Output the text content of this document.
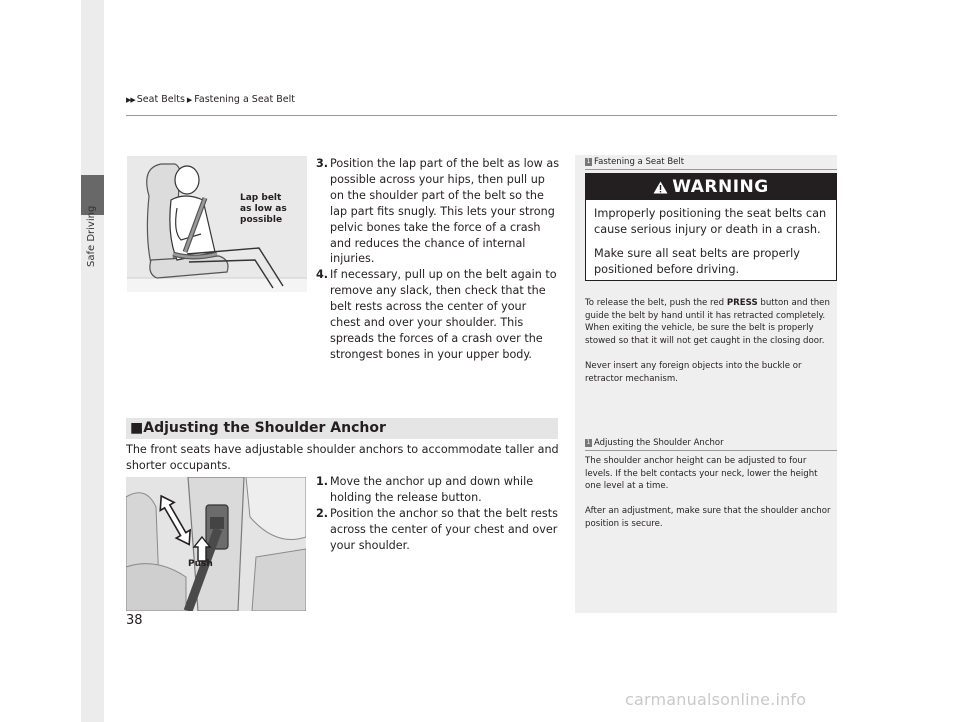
Safe Driving
▶▶ Seat Belts ▶ Fastening a Seat Belt
Lap belt
as low as
possible
3. Position the lap part of the belt as low as possible across your hips, then pull up on the shoulder part of the belt so the lap part fits snugly. This lets your strong pelvic bones take the force of a crash and reduces the chance of internal injuries.
4. If necessary, pull up on the belt again to remove any slack, then check that the belt rests across the center of your chest and over your shoulder. This spreads the forces of a crash over the strongest bones in your upper body.
■Adjusting the Shoulder Anchor
The front seats have adjustable shoulder anchors to accommodate taller and shorter occupants.
Push
1. Move the anchor up and down while holding the release button.
2. Position the anchor so that the belt rests across the center of your chest and over your shoulder.
1 Fastening a Seat Belt
WARNING

Improperly positioning the seat belts can cause serious injury or death in a crash.

Make sure all seat belts are properly positioned before driving.

To release the belt, push the red PRESS button and then guide the belt by hand until it has retracted completely.

When exiting the vehicle, be sure the belt is properly stowed so that it will not get caught in the closing door.

Never insert any foreign objects into the buckle or retractor mechanism.

1 Adjusting the Shoulder Anchor

The shoulder anchor height can be adjusted to four levels. If the belt contacts your neck, lower the height one level at a time.

After an adjustment, make sure that the shoulder anchor position is secure.

38
carmanualsonline.info
